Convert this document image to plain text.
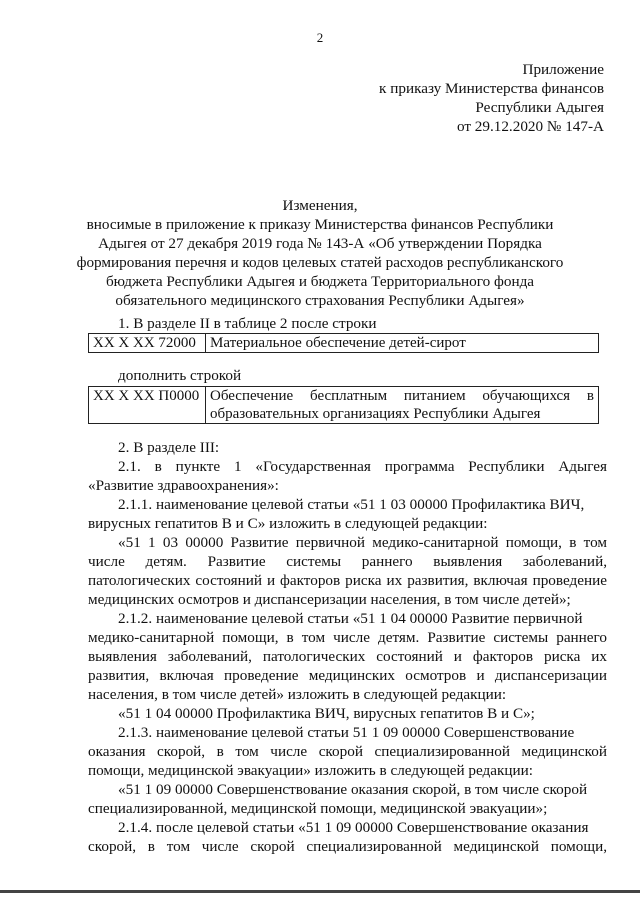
2
Приложение
к приказу Министерства финансов
Республики Адыгея
от 29.12.2020 № 147-А
Изменения,
вносимые в приложение к приказу Министерства финансов Республики
Адыгея от 27 декабря 2019 года № 143-А «Об утверждении Порядка
формирования перечня и кодов целевых статей расходов республиканского
бюджета Республики Адыгея и бюджета Территориального фонда
обязательного медицинского страхования Республики Адыгея»
1. В разделе II в таблице 2 после строки
XX X XX 72000	Материальное обеспечение детей-сирот
дополнить строкой
XX X XX П0000	Обеспечение бесплатным питанием обучающихся в
образовательных организациях Республики Адыгея
2. В разделе III:
2.1. в пункте 1 «Государственная программа Республики Адыгея
«Развитие здравоохранения»:
2.1.1. наименование целевой статьи «51 1 03 00000 Профилактика ВИЧ,
вирусных гепатитов В и С» изложить в следующей редакции:
«51 1 03 00000 Развитие первичной медико-санитарной помощи, в том
числе детям. Развитие системы раннего выявления заболеваний,
патологических состояний и факторов риска их развития, включая проведение
медицинских осмотров и диспансеризации населения, в том числе детей»;
2.1.2. наименование целевой статьи «51 1 04 00000 Развитие первичной
медико-санитарной помощи, в том числе детям. Развитие системы раннего
выявления заболеваний, патологических состояний и факторов риска их
развития, включая проведение медицинских осмотров и диспансеризации
населения, в том числе детей» изложить в следующей редакции:
«51 1 04 00000 Профилактика ВИЧ, вирусных гепатитов В и С»;
2.1.3. наименование целевой статьи 51 1 09 00000 Совершенствование
оказания скорой, в том числе скорой специализированной медицинской
помощи, медицинской эвакуации» изложить в следующей редакции:
«51 1 09 00000 Совершенствование оказания скорой, в том числе скорой
специализированной, медицинской помощи, медицинской эвакуации»;
2.1.4. после целевой статьи «51 1 09 00000 Совершенствование оказания
скорой, в том числе скорой специализированной медицинской помощи,
